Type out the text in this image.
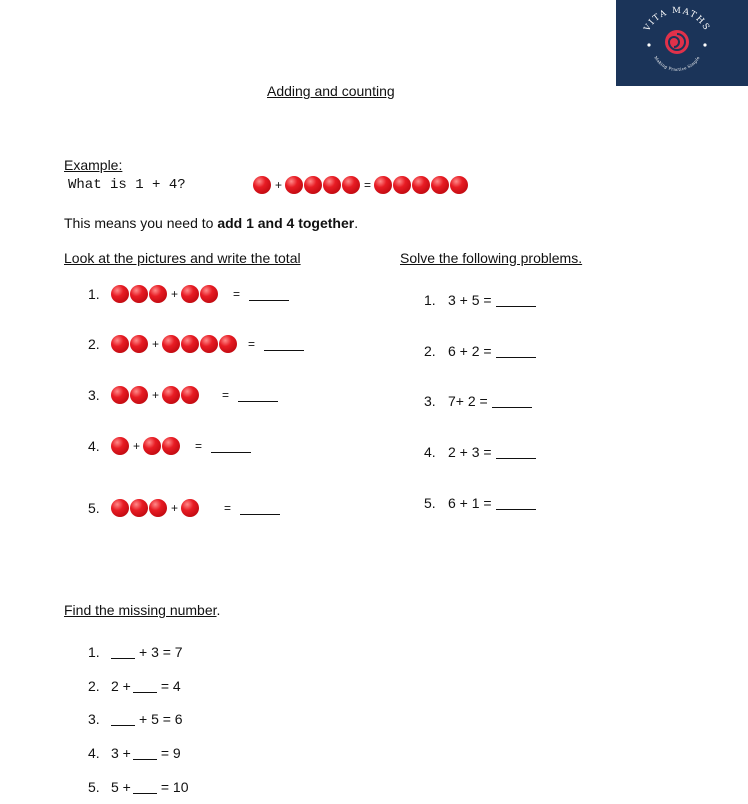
VITA MATHS
Making Practice Simple
Adding and counting
Example:
What is 1 + 4?	+	=
This means you need to add 1 and 4 together.
Look at the pictures and write the total
1.	+	=
2.	+	=
3.	+	=
4.	+	=
5.	+	=
Solve the following problems.
1. 3 + 5 =
2. 6 + 2 =
3. 7+ 2 =
4. 2 + 3 =
5. 6 + 1 =
Find the missing number.
1.	+ 3 = 7
2. 2 + = 4
3.	+ 5 = 6
4. 3 + = 9
5. 5 + = 10
